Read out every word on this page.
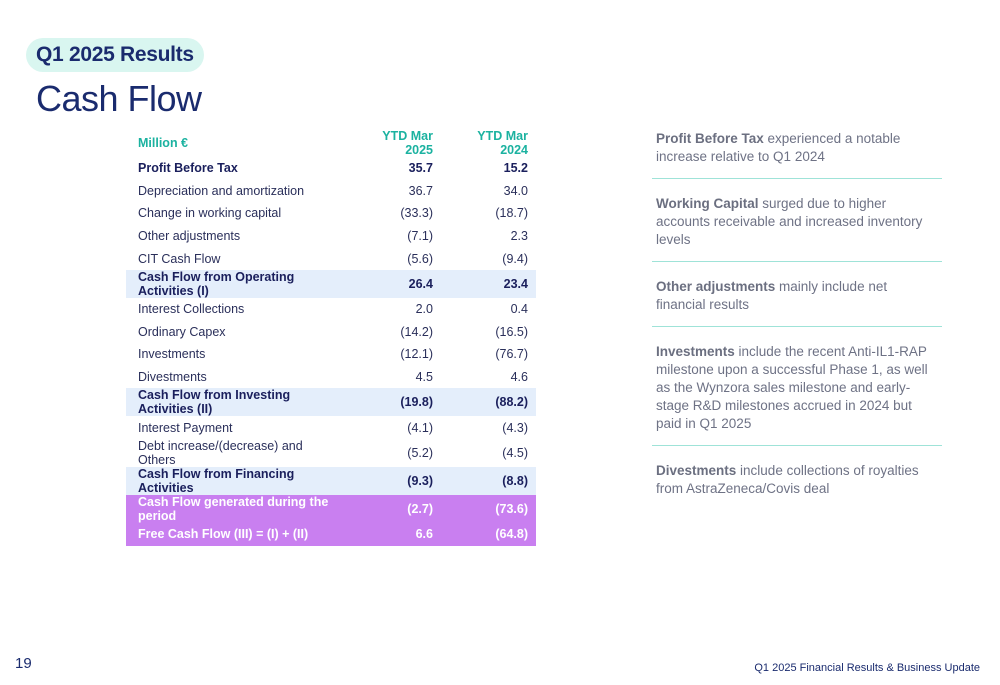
Q1 2025 Results
Cash Flow
Million €	YTD Mar 2025	YTD Mar 2024
Profit Before Tax	35.7	15.2
Depreciation and amortization	36.7	34.0
Change in working capital	(33.3)	(18.7)
Other adjustments	(7.1)	2.3
CIT Cash Flow	(5.6)	(9.4)
Cash Flow from Operating Activities (I)	26.4	23.4
Interest Collections	2.0	0.4
Ordinary Capex	(14.2)	(16.5)
Investments	(12.1)	(76.7)
Divestments	4.5	4.6
Cash Flow from Investing Activities (II)	(19.8)	(88.2)
Interest Payment	(4.1)	(4.3)
Debt increase/(decrease) and Others	(5.2)	(4.5)
Cash Flow from Financing Activities	(9.3)	(8.8)
Cash Flow generated during the period	(2.7)	(73.6)
Free Cash Flow (III) = (I) + (II)	6.6	(64.8)
Profit Before Tax experienced a notable increase relative to Q1 2024
Working Capital surged due to higher accounts receivable and increased inventory levels
Other adjustments mainly include net financial results
Investments include the recent Anti-IL1-RAP milestone upon a successful Phase 1, as well as the Wynzora sales milestone and early-stage R&D milestones accrued in 2024 but paid in Q1 2025
Divestments include collections of royalties from AstraZeneca/Covis deal
19	Q1 2025 Financial Results & Business Update
